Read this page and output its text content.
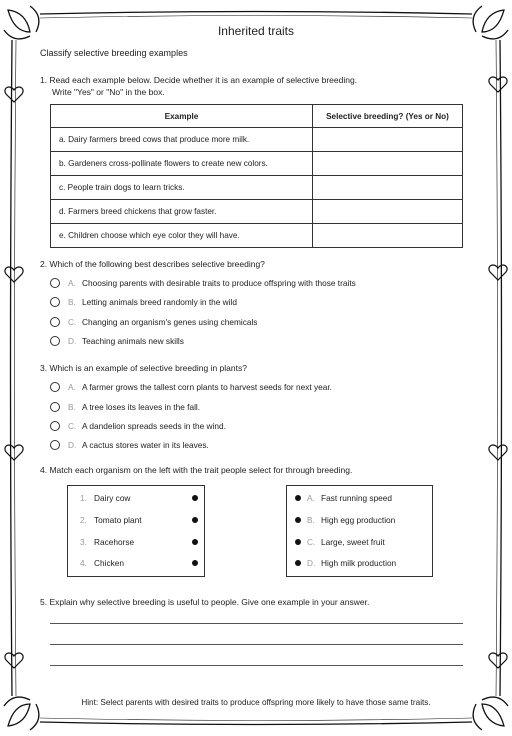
Inherited traits
Classify selective breeding examples
1. Read each example below. Decide whether it is an example of selective breeding.
Write "Yes" or "No" in the box.
Example	Selective breeding? (Yes or No)
a. Dairy farmers breed cows that produce more milk.	
b. Gardeners cross-pollinate flowers to create new colors.	
c. People train dogs to learn tricks.	
d. Farmers breed chickens that grow faster.	
e. Children choose which eye color they will have.	
2. Which of the following best describes selective breeding?
A. Choosing parents with desirable traits to produce offspring with those traits
B. Letting animals breed randomly in the wild
C. Changing an organism's genes using chemicals
D. Teaching animals new skills
3. Which is an example of selective breeding in plants?
A. A farmer grows the tallest corn plants to harvest seeds for next year.
B. A tree loses its leaves in the fall.
C. A dandelion spreads seeds in the wind.
D. A cactus stores water in its leaves.
4. Match each organism on the left with the trait people select for through breeding.
1. Dairy cow
2. Tomato plant
3. Racehorse
4. Chicken
A. Fast running speed
B. High egg production
C. Large, sweet fruit
D. High milk production
5. Explain why selective breeding is useful to people. Give one example in your answer.
Hint: Select parents with desired traits to produce offspring more likely to have those same traits.
